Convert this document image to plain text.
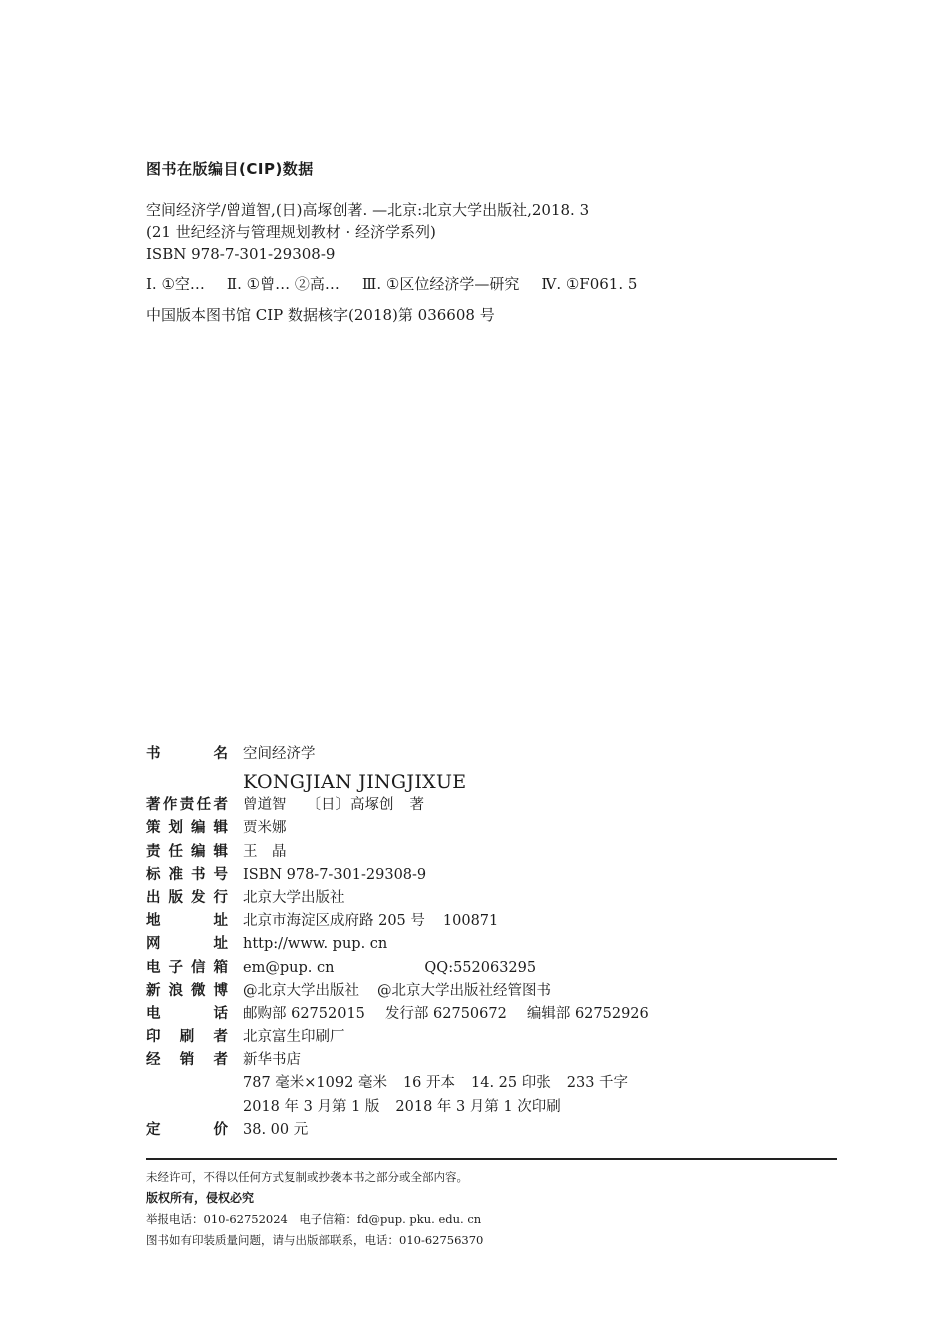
图书在版编目(CIP)数据
空间经济学/曾道智,(日)高塚创著. —北京:北京大学出版社,2018. 3
(21 世纪经济与管理规划教材 · 经济学系列)
ISBN 978-7-301-29308-9
Ⅰ. ①空… Ⅱ. ①曾… ②高… Ⅲ. ①区位经济学—研究 Ⅳ. ①F061. 5
中国版本图书馆 CIP 数据核字(2018)第 036608 号
书名 空间经济学
KONGJIAN JINGJIXUE
著作责任者 曾道智 〔日〕高塚创 著
策划编辑 贾米娜
责任编辑 王　晶
标准书号 ISBN 978-7-301-29308-9
出版发行 北京大学出版社
地址 北京市海淀区成府路 205 号 100871
网址 http://www. pup. cn
电子信箱 em@pup. cn	QQ:552063295
新浪微博 @北京大学出版社 @北京大学出版社经管图书
电话 邮购部 62752015 发行部 62750672 编辑部 62752926
印刷者 北京富生印刷厂
经销者 新华书店
787 毫米×1092 毫米 16 开本 14. 25 印张 233 千字
2018 年 3 月第 1 版 2018 年 3 月第 1 次印刷
定价 38. 00 元
未经许可，不得以任何方式复制或抄袭本书之部分或全部内容。
版权所有，侵权必究
举报电话：010-62752024　电子信箱：fd@pup. pku. edu. cn
图书如有印装质量问题，请与出版部联系，电话：010-62756370
